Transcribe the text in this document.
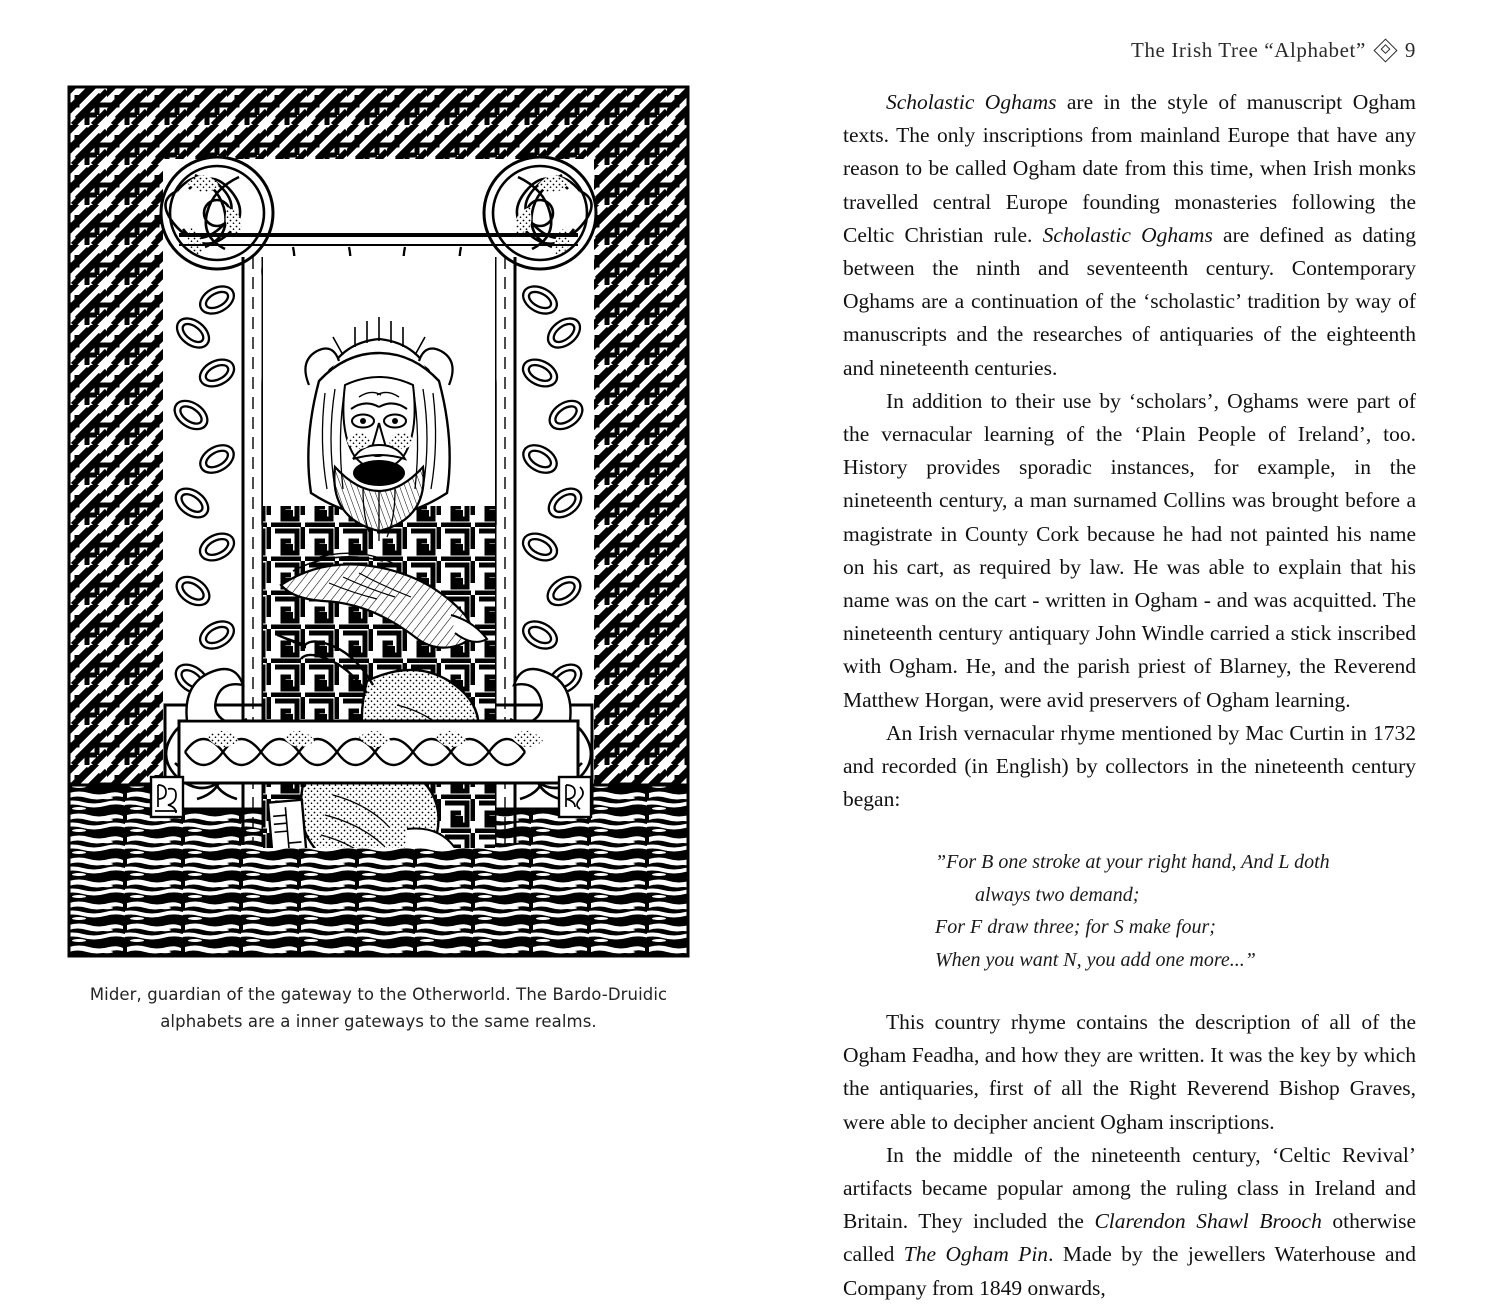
The Irish Tree “Alphabet” 9
Mider, guardian of the gateway to the Otherworld. The Bardo-Druidic alphabets are a inner gateways to the same realms.

Scholastic Oghams are in the style of manuscript Ogham texts. The only inscriptions from mainland Europe that have any reason to be called Ogham date from this time, when Irish monks travelled central Europe founding monasteries following the Celtic Christian rule. Scholastic Oghams are defined as dating between the ninth and seventeenth century. Contemporary Oghams are a continuation of the ‘scholastic’ tradition by way of manuscripts and the researches of antiquaries of the eighteenth and nineteenth centuries.

In addition to their use by ‘scholars’, Oghams were part of the vernacular learning of the ‘Plain People of Ireland’, too. History provides sporadic instances, for example, in the nineteenth century, a man surnamed Collins was brought before a magistrate in County Cork because he had not painted his name on his cart, as required by law. He was able to explain that his name was on the cart - written in Ogham - and was acquitted. The nineteenth century antiquary John Windle carried a stick inscribed with Ogham. He, and the parish priest of Blarney, the Reverend Matthew Horgan, were avid preservers of Ogham learning.

An Irish vernacular rhyme mentioned by Mac Curtin in 1732 and recorded (in English) by collectors in the nineteenth century began:

”For B one stroke at your right hand, And L doth
always two demand;
For F draw three; for S make four;
When you want N, you add one more...”

This country rhyme contains the description of all of the Ogham Feadha, and how they are written. It was the key by which the antiquaries, first of all the Right Reverend Bishop Graves, were able to decipher ancient Ogham inscriptions.

In the middle of the nineteenth century, ‘Celtic Revival’ artifacts became popular among the ruling class in Ireland and Britain. They included the Clarendon Shawl Brooch otherwise called The Ogham Pin. Made by the jewellers Waterhouse and Company from 1849 onwards,
